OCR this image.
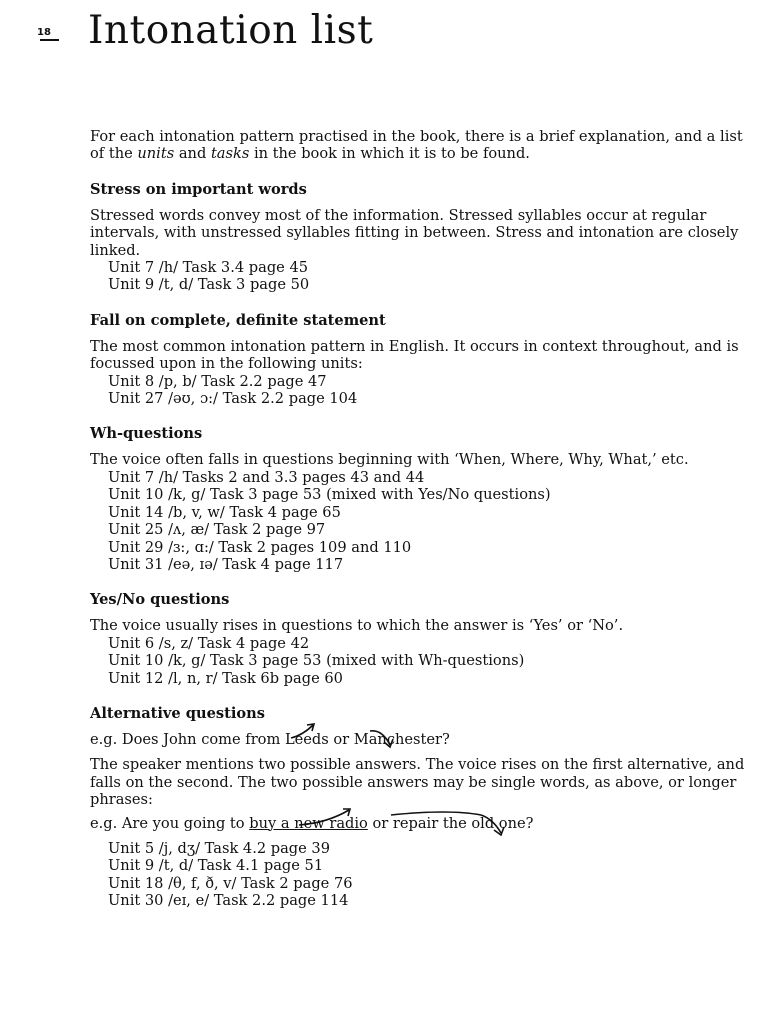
18 Intonation list

For each intonation pattern practised in the book, there is a brief explanation, and a list of the units and tasks in the book in which it is to be found.

Stress on important words

Stressed words convey most of the information. Stressed syllables occur at regular intervals, with unstressed syllables fitting in between. Stress and intonation are closely linked.

Unit 7 /h/ Task 3.4 page 45
Unit 9 /t, d/ Task 3 page 50
Fall on complete, definite statement

The most common intonation pattern in English. It occurs in context throughout, and is focussed upon in the following units:

Unit 8 /p, b/ Task 2.2 page 47
Unit 27 /əʊ, ɔ:/ Task 2.2 page 104
Wh-questions

The voice often falls in questions beginning with ‘When, Where, Why, What,’ etc.

Unit 7 /h/ Tasks 2 and 3.3 pages 43 and 44
Unit 10 /k, g/ Task 3 page 53 (mixed with Yes/No questions)
Unit 14 /b, v, w/ Task 4 page 65
Unit 25 /ʌ, æ/ Task 2 page 97
Unit 29 /ɜ:, ɑ:/ Task 2 pages 109 and 110
Unit 31 /eə, ɪə/ Task 4 page 117
Yes/No questions

The voice usually rises in questions to which the answer is ‘Yes’ or ‘No’.

Unit 6 /s, z/ Task 4 page 42
Unit 10 /k, g/ Task 3 page 53 (mixed with Wh-questions)
Unit 12 /l, n, r/ Task 6b page 60
Alternative questions

e.g. Does John come from Leeds
or Manchester
?

The speaker mentions two possible answers. The voice rises on the first alternative, and falls on the second. The two possible answers may be single words, as above, or longer phrases:

e.g. Are you going to buy a new radio
or repair the old
one?

Unit 5 /j, dʒ/ Task 4.2 page 39
Unit 9 /t, d/ Task 4.1 page 51
Unit 18 /θ, f, ð, v/ Task 2 page 76
Unit 30 /eɪ, e/ Task 2.2 page 114
